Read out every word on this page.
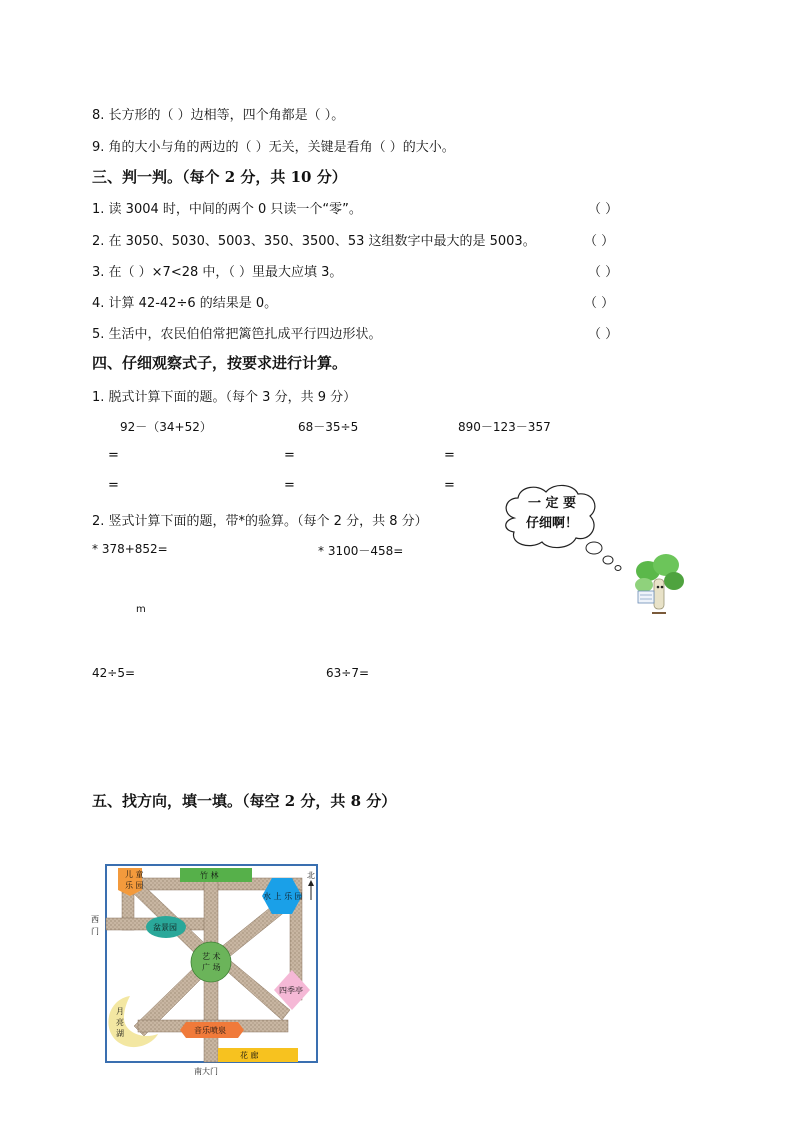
8. 长方形的（ ）边相等，四个角都是（ ）。
9. 角的大小与角的两边的（ ）无关，关键是看角（ ）的大小。
三、判一判。（每个 2 分，共 10 分）
1. 读 3004 时，中间的两个 0 只读一个“零”。	（ ）
2. 在 3050、5030、5003、350、3500、53 这组数字中最大的是 5003。	（ ）
3. 在（ ）×7<28 中，（ ）里最大应填 3。	（ ）
4. 计算 42-42÷6 的结果是 0。	（ ）
5. 生活中，农民伯伯常把篱笆扎成平行四边形状。	（ ）
四、仔细观察式子，按要求进行计算。
1. 脱式计算下面的题。（每个 3 分，共 9 分）
92－（34+52）	68－35÷5	890－123－357
=	=	=
=	=	=
2. 竖式计算下面的题，带*的验算。（每个 2 分，共 8 分）
* 378+852=	* 3100－458=
m
42÷5=	63÷7=
一 定 要
仔细啊！
五、找方向，填一填。（每空 2 分，共 8 分）
儿 童
乐 园
竹 林
水 上 乐 园
北
西
门	盆景园
艺 术
广 场
四季亭
月
亮
湖	音乐喷泉
花 廊
南大门
